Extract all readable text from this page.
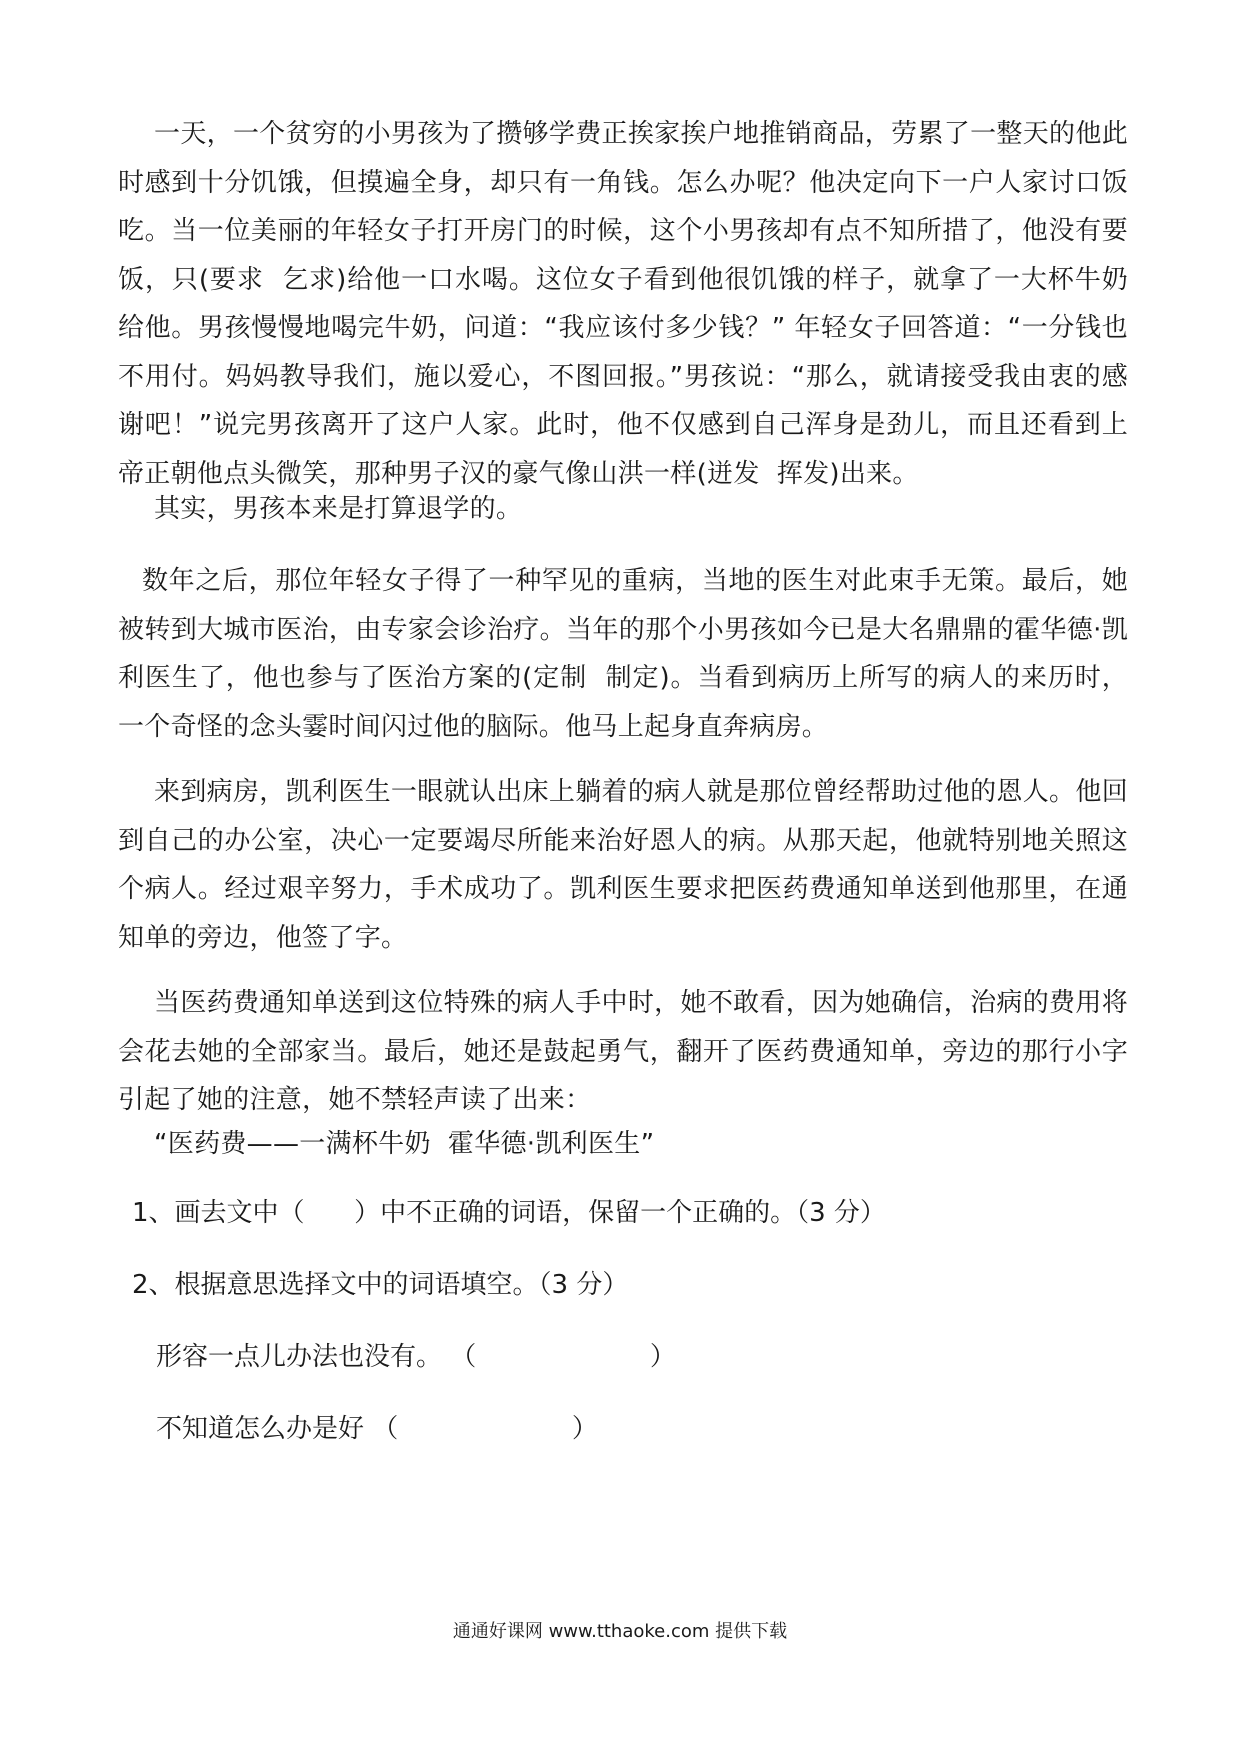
一天，一个贫穷的小男孩为了攒够学费正挨家挨户地推销商品，劳累了一整天的他此时感到十分饥饿，但摸遍全身，却只有一角钱。怎么办呢？他决定向下一户人家讨口饭吃。当一位美丽的年轻女子打开房门的时候，这个小男孩却有点不知所措了，他没有要饭，只(要求  乞求)给他一口水喝。这位女子看到他很饥饿的样子，就拿了一大杯牛奶给他。男孩慢慢地喝完牛奶，问道：“我应该付多少钱？” 年轻女子回答道：“一分钱也不用付。妈妈教导我们，施以爱心，不图回报。”男孩说：“那么，就请接受我由衷的感谢吧！”说完男孩离开了这户人家。此时，他不仅感到自己浑身是劲儿，而且还看到上帝正朝他点头微笑，那种男子汉的豪气像山洪一样(迸发  挥发)出来。

其实，男孩本来是打算退学的。

数年之后，那位年轻女子得了一种罕见的重病，当地的医生对此束手无策。最后，她被转到大城市医治，由专家会诊治疗。当年的那个小男孩如今已是大名鼎鼎的霍华德·凯利医生了，他也参与了医治方案的(定制  制定)。当看到病历上所写的病人的来历时，一个奇怪的念头霎时间闪过他的脑际。他马上起身直奔病房。

来到病房，凯利医生一眼就认出床上躺着的病人就是那位曾经帮助过他的恩人。他回到自己的办公室，决心一定要竭尽所能来治好恩人的病。从那天起，他就特别地关照这个病人。经过艰辛努力，手术成功了。凯利医生要求把医药费通知单送到他那里，在通知单的旁边，他签了字。

当医药费通知单送到这位特殊的病人手中时，她不敢看，因为她确信，治病的费用将会花去她的全部家当。最后，她还是鼓起勇气，翻开了医药费通知单，旁边的那行小字引起了她的注意，她不禁轻声读了出来：

“医药费——一满杯牛奶  霍华德·凯利医生”

1、画去文中（      ）中不正确的词语，保留一个正确的。（3 分）

2、根据意思选择文中的词语填空。（3 分）

形容一点儿办法也没有。 （                     ）

不知道怎么办是好 （                     ）

通通好课网 www.tthaoke.com 提供下载
